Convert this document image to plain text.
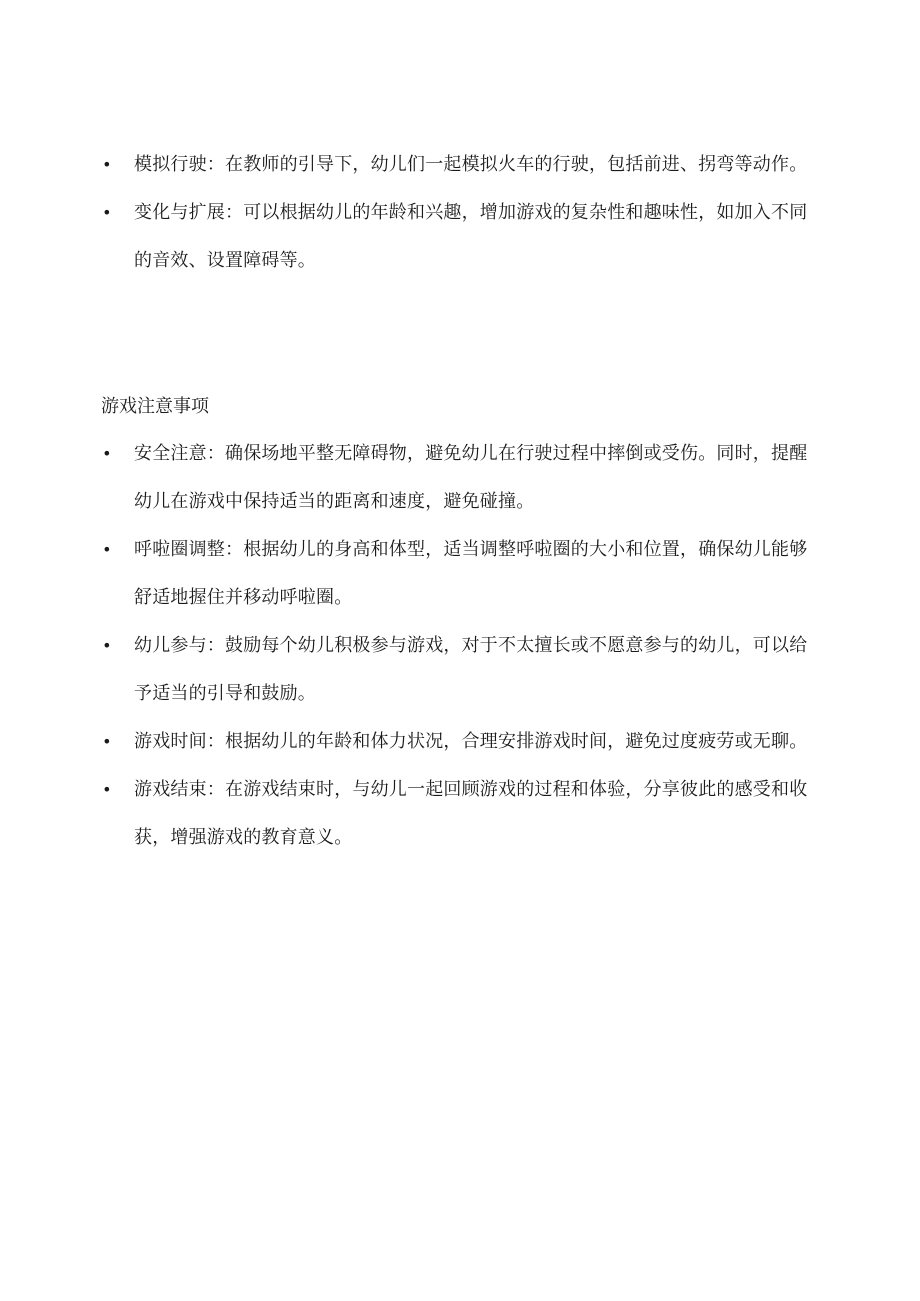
• 模拟行驶：在教师的引导下，幼儿们一起模拟火车的行驶，包括前进、拐弯等动作。
• 变化与扩展：可以根据幼儿的年龄和兴趣，增加游戏的复杂性和趣味性，如加入不同的音效、设置障碍等。
游戏注意事项
• 安全注意：确保场地平整无障碍物，避免幼儿在行驶过程中摔倒或受伤。同时，提醒幼儿在游戏中保持适当的距离和速度，避免碰撞。
• 呼啦圈调整：根据幼儿的身高和体型，适当调整呼啦圈的大小和位置，确保幼儿能够舒适地握住并移动呼啦圈。
• 幼儿参与：鼓励每个幼儿积极参与游戏，对于不太擅长或不愿意参与的幼儿，可以给予适当的引导和鼓励。
• 游戏时间：根据幼儿的年龄和体力状况，合理安排游戏时间，避免过度疲劳或无聊。
• 游戏结束：在游戏结束时，与幼儿一起回顾游戏的过程和体验，分享彼此的感受和收获，增强游戏的教育意义。
